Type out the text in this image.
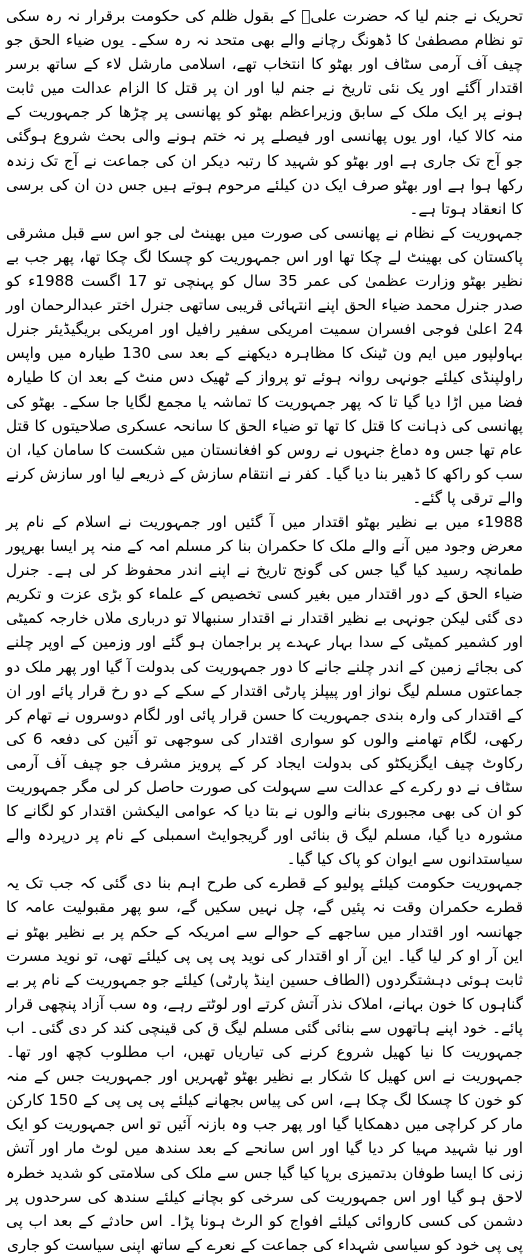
تحریک نے جنم لیا کہ حضرت علیؓ کے بقول ظلم کی حکومت برقرار نہ رہ سکی تو نظام مصطفیٰ کا ڈھونگ رچانے والے بھی متحد نہ رہ سکے۔ یوں ضیاء الحق جو چیف آف آرمی سٹاف اور بھٹو کا انتخاب تھے، اسلامی مارشل لاء کے ساتھ برسر اقتدار آگئے اور یک نئی تاریخ نے جنم لیا اور ان پر قتل کا الزام عدالت میں ثابت ہونے پر ایک ملک کے سابق وزیراعظم بھٹو کو پھانسی پر چڑھا کر جمہوریت کے منہ کالا کیا، اور یوں پھانسی اور فیصلے پر نہ ختم ہونے والی بحث شروع ہوگئی جو آج تک جاری ہے اور بھٹو کو شہید کا رتبہ دیکر ان کی جماعت نے آج تک زندہ رکھا ہوا ہے اور بھٹو صرف ایک دن کیلئے مرحوم ہوتے ہیں جس دن ان کی برسی کا انعقاد ہوتا ہے۔

جمہوریت کے نظام نے پھانسی کی صورت میں بھینٹ لی جو اس سے قبل مشرقی پاکستان کی بھینٹ لے چکا تھا اور اس جمہوریت کو چسکا لگ چکا تھا، پھر جب بے نظیر بھٹو وزارت عظمیٰ کی عمر 35 سال کو پہنچی تو 17 اگست 1988ء کو صدر جنرل محمد ضیاء الحق اپنے انتہائی قریبی ساتھی جنرل اختر عبدالرحمان اور 24 اعلیٰ فوجی افسران سمیت امریکی سفیر رافیل اور امریکی بریگیڈیئر جنرل بہاولپور میں ایم ون ٹینک کا مظاہرہ دیکھنے کے بعد سی 130 طیارہ میں واپس راولپنڈی کیلئے جونہی روانہ ہوئے تو پرواز کے ٹھیک دس منٹ کے بعد ان کا طیارہ فضا میں اڑا دیا گیا تا کہ پھر جمہوریت کا تماشہ یا مجمع لگایا جا سکے۔ بھٹو کی پھانسی کی ذہانت کا قتل کا تھا تو ضیاء الحق کا سانحہ عسکری صلاحیتوں کا قتل عام تھا جس وہ دماغ جنہوں نے روس کو افغانستان میں شکست کا سامان کیا، ان سب کو راکھ کا ڈھیر بنا دیا گیا۔ کفر نے انتقام سازش کے ذریعے لیا اور سازش کرنے والے ترقی پا گئے۔

1988ء میں بے نظیر بھٹو اقتدار میں آ گئیں اور جمہوریت نے اسلام کے نام پر معرض وجود میں آنے والے ملک کا حکمران بنا کر مسلم امہ کے منہ پر ایسا بھرپور طمانچہ رسید کیا گیا جس کی گونج تاریخ نے اپنے اندر محفوظ کر لی ہے۔ جنرل ضیاء الحق کے دور اقتدار میں بغیر کسی تخصیص کے علماء کو بڑی عزت و تکریم دی گئی لیکن جونہی بے نظیر اقتدار نے اقتدار سنبھالا تو درباری ملاں خارجہ کمیٹی اور کشمیر کمیٹی کے سدا بہار عہدے پر براجمان ہو گئے اور وزمین کے اوپر چلنے کی بجائے زمین کے اندر چلنے جانے کا دور جمہوریت کی بدولت آ گیا اور پھر ملک دو جماعتوں مسلم لیگ نواز اور پیپلز پارٹی اقتدار کے سکے کے دو رخ قرار پائے اور ان کے اقتدار کی وارہ بندی جمہوریت کا حسن قرار پائی اور لگام دوسروں نے تھام کر رکھی، لگام تھامنے والوں کو سواری اقتدار کی سوجھی تو آئین کی دفعہ 6 کی رکاوٹ چیف ایگزیکٹو کی بدولت ایجاد کر کے پرویز مشرف جو چیف آف آرمی سٹاف نے دو رکرے کے عدالت سے سہولت کی صورت حاصل کر لی مگر جمہوریت کو ان کی بھی مجبوری بنانے والوں نے بتا دیا کہ عوامی الیکشن اقتدار کو لگانے کا مشورہ دیا گیا، مسلم لیگ ق بنائی اور گریجوایٹ اسمبلی کے نام پر درپردہ والے سیاستدانوں سے ایوان کو پاک کیا گیا۔

جمہوریت حکومت کیلئے پولیو کے قطرے کی طرح اہم بنا دی گئی کہ جب تک یہ قطرے حکمران وقت نہ پئیں گے، چل نہیں سکیں گے، سو پھر مقبولیت عامہ کا جھانسہ اور اقتدار میں ساجھے کے حوالے سے امریکہ کے حکم پر بے نظیر بھٹو نے این آر او کر لیا گیا۔ این آر او اقتدار کی نوید پی پی پی کیلئے تھی، تو نوید مسرت ثابت ہوئی دہشتگردوں (الطاف حسین اینڈ پارٹی) کیلئے جو جمہوریت کے نام پر بے گناہوں کا خون بہانے، املاک نذر آتش کرتے اور لوٹتے رہے، وہ سب آزاد پنچھی قرار پائے۔ خود اپنے ہاتھوں سے بنائی گئی مسلم لیگ ق کی قینچی کند کر دی گئی۔ اب جمہوریت کا نیا کھیل شروع کرنے کی تیاریاں تھیں، اب مطلوب کچھ اور تھا۔ جمہوریت نے اس کھیل کا شکار بے نظیر بھٹو ٹھہریں اور جمہوریت جس کے منہ کو خون کا چسکا لگ چکا ہے، اس کی پیاس بجھانے کیلئے پی پی پی کے 150 کارکن مار کر کراچی میں دھمکایا گیا اور پھر جب وہ بازنہ آئیں تو اس جمہوریت کو ایک اور نیا شہید مہیا کر دیا گیا اور اس سانحے کے بعد سندھ میں لوٹ مار اور آتش زنی کا ایسا طوفان بدتمیزی برپا کیا گیا جس سے ملک کی سلامتی کو شدید خطرہ لاحق ہو گیا اور اس جمہوریت کی سرخی کو بچانے کیلئے سندھ کی سرحدوں پر دشمن کی کسی کاروائی کیلئے افواج کو الرٹ ہونا پڑا۔ اس حادثے کے بعد اب پی پی پی خود کو سیاسی شہداء کی جماعت کے نعرے کے ساتھ اپنی سیاست کو جاری
